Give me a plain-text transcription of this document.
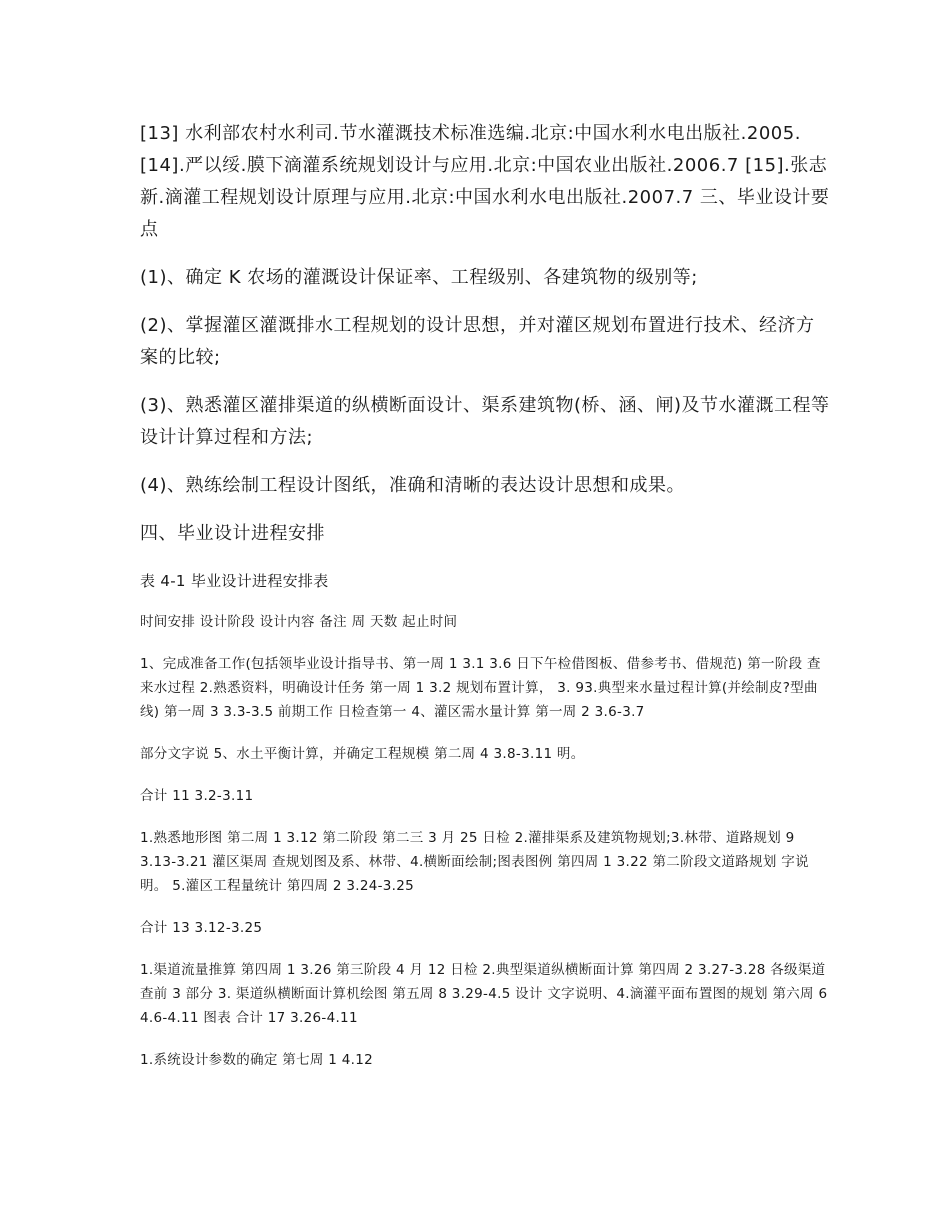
[13] 水利部农村水利司.节水灌溉技术标准选编.北京:中国水利水电出版社.2005. [14].严以绥.膜下滴灌系统规划设计与应用.北京:中国农业出版社.2006.7 [15].张志新.滴灌工程规划设计原理与应用.北京:中国水利水电出版社.2007.7 三、毕业设计要点

(1)、确定 K 农场的灌溉设计保证率、工程级别、各建筑物的级别等;

(2)、掌握灌区灌溉排水工程规划的设计思想，并对灌区规划布置进行技术、经济方案的比较;

(3)、熟悉灌区灌排渠道的纵横断面设计、渠系建筑物(桥、涵、闸)及节水灌溉工程等设计计算过程和方法;

(4)、熟练绘制工程设计图纸，准确和清晰的表达设计思想和成果。

四、毕业设计进程安排

表 4-1 毕业设计进程安排表

时间安排 设计阶段 设计内容 备注 周 天数 起止时间

1、完成准备工作(包括领毕业设计指导书、第一周 1 3.1 3.6 日下午检借图板、借参考书、借规范) 第一阶段 查来水过程 2.熟悉资料，明确设计任务 第一周 1 3.2 规划布置计算， 3. 93.典型来水量过程计算(并绘制皮?型曲线) 第一周 3 3.3-3.5 前期工作 日检查第一 4、灌区需水量计算 第一周 2 3.6-3.7

部分文字说 5、水土平衡计算，并确定工程规模 第二周 4 3.8-3.11 明。

合计 11 3.2-3.11

1.熟悉地形图 第二周 1 3.12 第二阶段 第二三 3 月 25 日检 2.灌排渠系及建筑物规划;3.林带、道路规划 9 3.13-3.21 灌区渠周 查规划图及系、林带、4.横断面绘制;图表图例 第四周 1 3.22 第二阶段文道路规划 字说明。 5.灌区工程量统计 第四周 2 3.24-3.25

合计 13 3.12-3.25

1.渠道流量推算 第四周 1 3.26 第三阶段 4 月 12 日检 2.典型渠道纵横断面计算 第四周 2 3.27-3.28 各级渠道查前 3 部分 3. 渠道纵横断面计算机绘图 第五周 8 3.29-4.5 设计 文字说明、4.滴灌平面布置图的规划 第六周 6 4.6-4.11 图表 合计 17 3.26-4.11

1.系统设计参数的确定 第七周 1 4.12
